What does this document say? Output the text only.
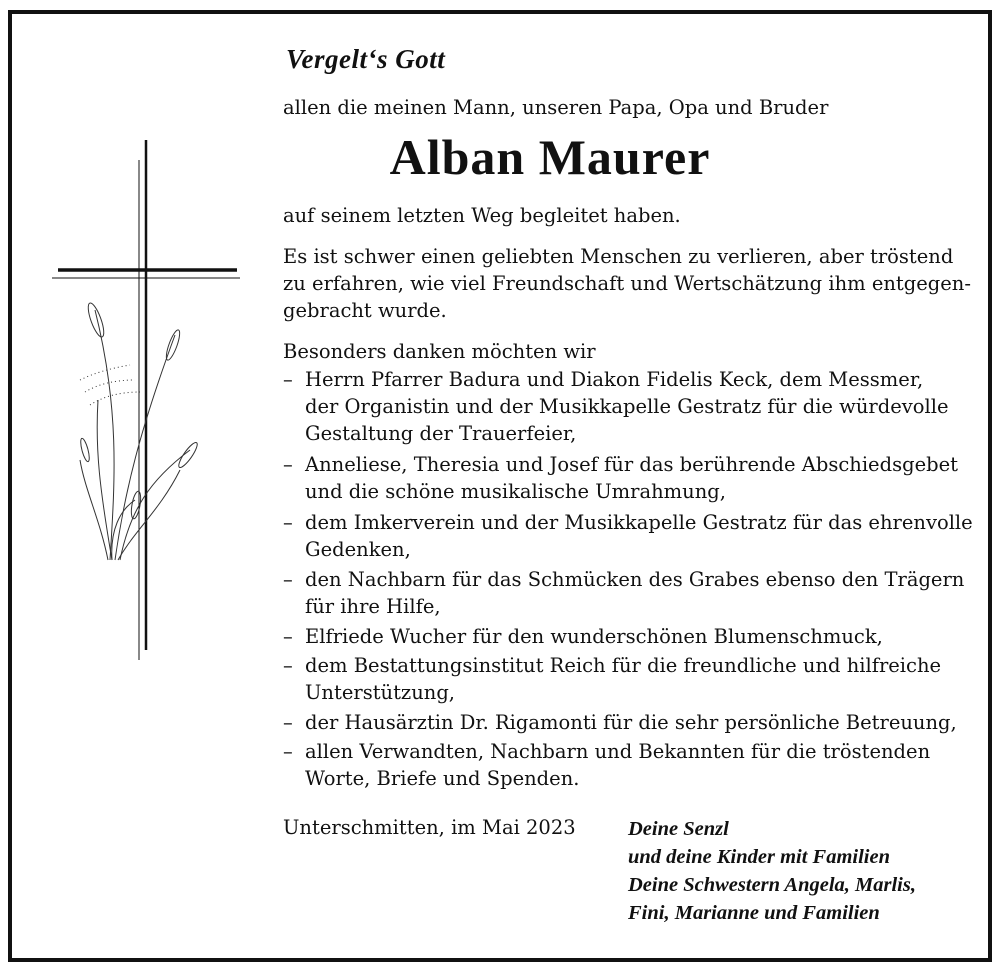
Vergelt‘s Gott
allen die meinen Mann, unseren Papa, Opa und Bruder
Alban Maurer
auf seinem letzten Weg begleitet haben.
Es ist schwer einen geliebten Menschen zu verlieren, aber tröstend
zu erfahren, wie viel Freundschaft und Wertschätzung ihm entgegen-
gebracht wurde.
Besonders danken möchten wir
– Herrn Pfarrer Badura und Diakon Fidelis Keck, dem Messmer,
der Organistin und der Musikkapelle Gestratz für die würdevolle
Gestaltung der Trauerfeier,
– Anneliese, Theresia und Josef für das berührende Abschiedsgebet
und die schöne musikalische Umrahmung,
– dem Imkerverein und der Musikkapelle Gestratz für das ehrenvolle
Gedenken,
– den Nachbarn für das Schmücken des Grabes ebenso den Trägern
für ihre Hilfe,
– Elfriede Wucher für den wunderschönen Blumenschmuck,
– dem Bestattungsinstitut Reich für die freundliche und hilfreiche
Unterstützung,
– der Hausärztin Dr. Rigamonti für die sehr persönliche Betreuung,
– allen Verwandten, Nachbarn und Bekannten für die tröstenden
Worte, Briefe und Spenden.
Unterschmitten, im Mai 2023	Deine Senzl
und deine Kinder mit Familien
Deine Schwestern Angela, Marlis,
Fini, Marianne und Familien
